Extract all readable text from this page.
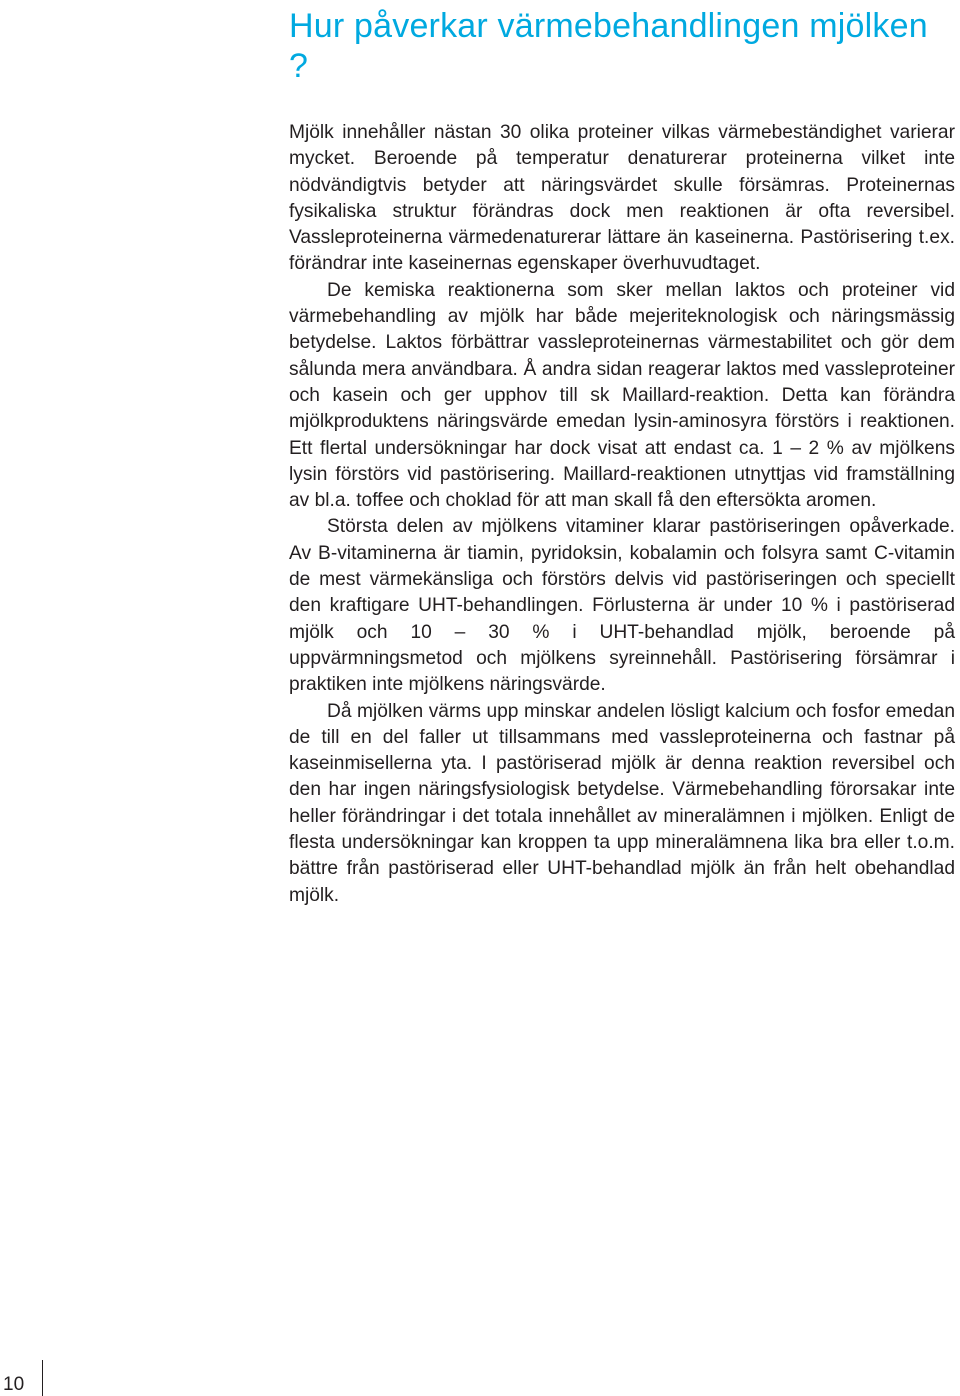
Hur påverkar värmebehandlingen mjölken ?

Mjölk innehåller nästan 30 olika proteiner vilkas värmebeständighet varierar mycket. Beroende på temperatur denaturerar proteinerna vilket inte nödvändigtvis betyder att näringsvärdet skulle försämras. Proteinernas fysikaliska struktur förändras dock men reaktionen är ofta reversibel. Vassleproteinerna värmedenaturerar lättare än kaseinerna. Pastörisering t.ex. förändrar inte kaseinernas egenskaper överhuvudtaget.

De kemiska reaktionerna som sker mellan laktos och proteiner vid värmebehandling av mjölk har både mejeriteknologisk och näringsmässig betydelse. Laktos förbättrar vassleproteinernas värmestabilitet och gör dem sålunda mera användbara. Å andra sidan reagerar laktos med vassleproteiner och kasein och ger upphov till sk Maillard-reaktion. Detta kan förändra mjölkproduktens näringsvärde emedan lysin-aminosyra förstörs i reaktionen. Ett flertal undersökningar har dock visat att endast ca. 1 – 2 % av mjölkens lysin förstörs vid pastörisering. Maillard-reaktionen utnyttjas vid framställning av bl.a. toffee och choklad för att man skall få den eftersökta aromen.

Största delen av mjölkens vitaminer klarar pastöriseringen opåverkade. Av B-vitaminerna är tiamin, pyridoksin, kobalamin och folsyra samt C-vitamin de mest värmekänsliga och förstörs delvis vid pastöriseringen och speciellt den kraftigare UHT-behandlingen. Förlusterna är under 10 % i pastöriserad mjölk och 10 – 30 % i UHT-behandlad mjölk, beroende på uppvärmningsmetod och mjölkens syreinnehåll. Pastörisering försämrar i praktiken inte mjölkens näringsvärde.

Då mjölken värms upp minskar andelen lösligt kalcium och fosfor emedan de till en del faller ut tillsammans med vassleproteinerna och fastnar på kaseinmisellerna yta. I pastöriserad mjölk är denna reaktion reversibel och den har ingen näringsfysiologisk betydelse. Värmebehandling förorsakar inte heller förändringar i det totala innehållet av mineralämnen i mjölken. Enligt de flesta undersökningar kan kroppen ta upp mineralämnena lika bra eller t.o.m. bättre från pastöriserad eller UHT-behandlad mjölk än från helt obehandlad mjölk.

10
